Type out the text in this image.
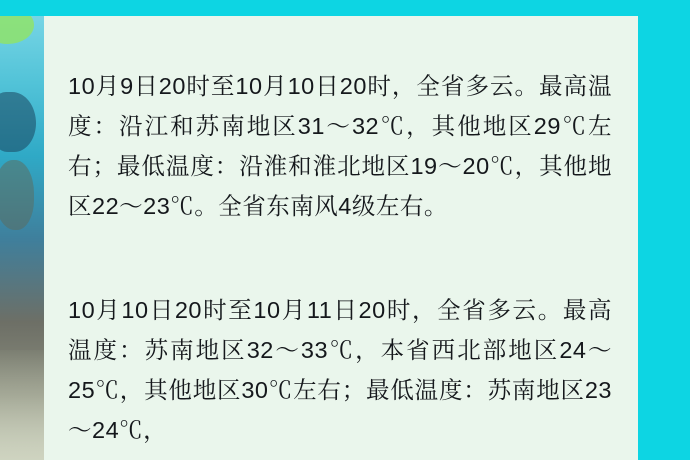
10月9日20时至10月10日20时，全省多云。最高温度：沿江和苏南地区31～32℃，其他地区29℃左右；最低温度：沿淮和淮北地区19～20℃，其他地区22～23℃。全省东南风4级左右。

10月10日20时至10月11日20时，全省多云。最高温度：苏南地区32～33℃，本省西北部地区24～25℃，其他地区30℃左右；最低温度：苏南地区23～24℃，
